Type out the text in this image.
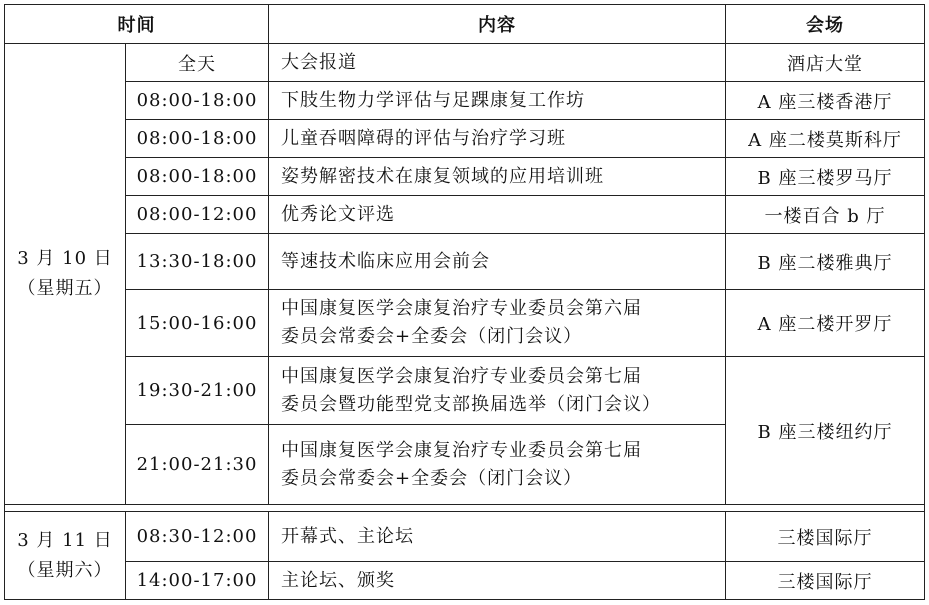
时间		内容	会场

3 月 10 日
（星期五）	全天	大会报道	酒店大堂
	08:00-18:00	下肢生物力学评估与足踝康复工作坊	A 座三楼香港厅
	08:00-18:00	儿童吞咽障碍的评估与治疗学习班	A 座二楼莫斯科厅
	08:00-18:00	姿势解密技术在康复领域的应用培训班	B 座三楼罗马厅
	08:00-12:00	优秀论文评选	一楼百合 b 厅
	13:30-18:00	等速技术临床应用会前会	B 座二楼雅典厅
	15:00-16:00	中国康复医学会康复治疗专业委员会第六届
委员会常委会+全委会（闭门会议）	A 座二楼开罗厅
	19:30-21:00	中国康复医学会康复治疗专业委员会第七届
委员会暨功能型党支部换届选举（闭门会议）	B 座三楼纽约厅
	21:00-21:30	中国康复医学会康复治疗专业委员会第七届
委员会常委会+全委会（闭门会议）	

3 月 11 日
（星期六）	08:30-12:00	开幕式、主论坛	三楼国际厅
	14:00-17:00	主论坛、颁奖	三楼国际厅
